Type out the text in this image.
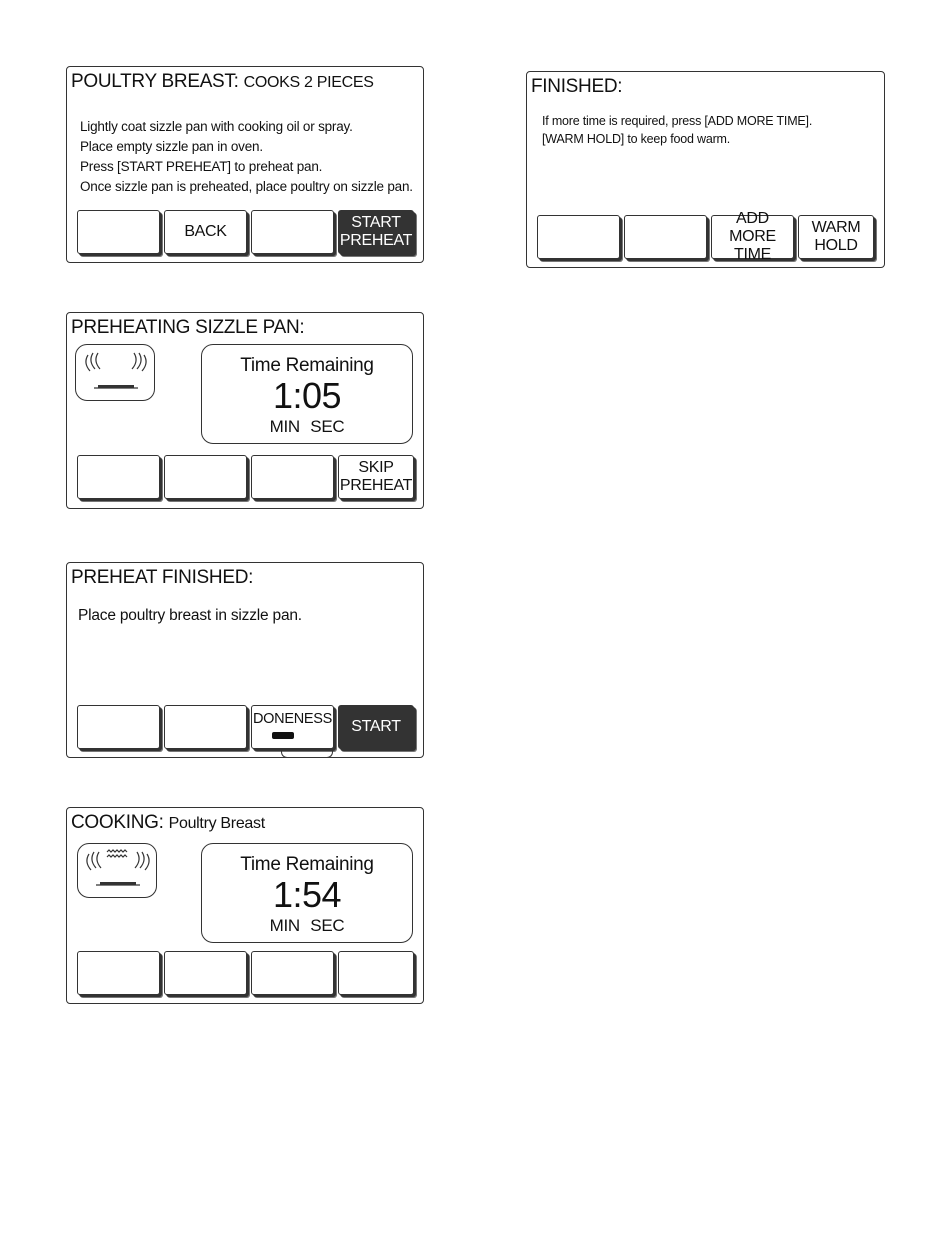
POULTRY BREAST: COOKS 2 PIECES
Lightly coat sizzle pan with cooking oil or spray.
Place empty sizzle pan in oven.
Press [START PREHEAT] to preheat pan.
Once sizzle pan is preheated, place poultry on sizzle pan.
BACK
START
PREHEAT
PREHEATING SIZZLE PAN:
Time Remaining
1:05
MIN SEC
SKIP
PREHEAT
PREHEAT FINISHED:
Place poultry breast in sizzle pan.
DONENESS	START
COOKING: Poultry Breast
Time Remaining
1:54
MIN SEC
FINISHED:
If more time is required, press [ADD MORE TIME].
[WARM HOLD] to keep food warm.
ADD
MORE TIME
WARM
HOLD
